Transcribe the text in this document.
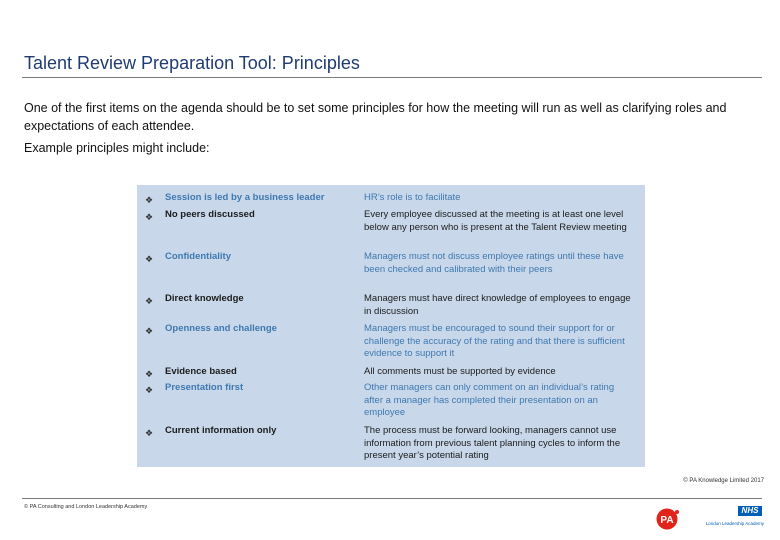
Talent Review Preparation Tool: Principles
One of the first items on the agenda should be to set some principles for how the meeting will run as well as clarifying roles and expectations of each attendee.
Example principles might include:
❖ Session is led by a business leader	HR’s role is to facilitate
❖ No peers discussed	Every employee discussed at the meeting is at least one level below any person who is present at the Talent Review meeting
❖ Confidentiality	Managers must not discuss employee ratings until these have been checked and calibrated with their peers
❖ Direct knowledge	Managers must have direct knowledge of employees to engage in discussion
❖ Openness and challenge	Managers must be encouraged to sound their support for or challenge the accuracy of the rating and that there is sufficient evidence to support it
❖ Evidence based	All comments must be supported by evidence
❖ Presentation first	Other managers can only comment on an individual’s rating after a manager has completed their presentation on an employee
❖ Current information only	The process must be forward looking, managers cannot use information from previous talent planning cycles to inform the present year’s potential rating
© PA Knowledge Limited 2017
© PA Consulting and London Leadership Academy
PA
NHS
London Leadership Academy
